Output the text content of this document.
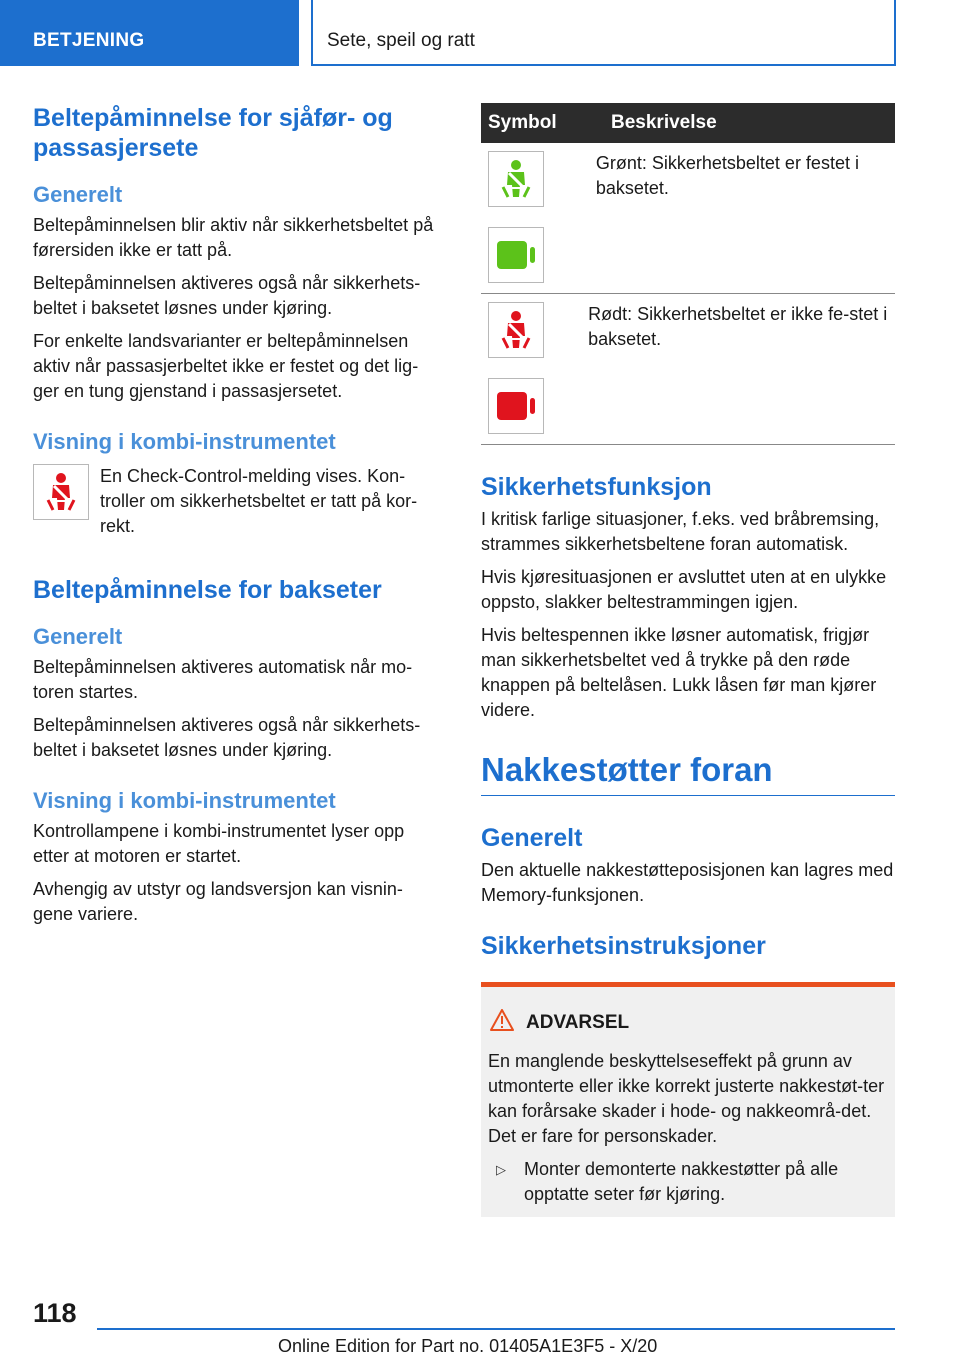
BETJENING	Sete, speil og ratt
Beltepåminnelse for sjåfør- og passasjersete
Generelt

Beltepåminnelsen blir aktiv når sikkerhetsbeltet på førersiden ikke er tatt på.

Beltepåminnelsen aktiveres også når sikkerhets-beltet i baksetet løsnes under kjøring.

For enkelte landsvarianter er beltepåminnelsen aktiv når passasjerbeltet ikke er festet og det lig-ger en tung gjenstand i passasjersetet.

Visning i kombi-instrumentet
En Check-Control-melding vises. Kon-troller om sikkerhetsbeltet er tatt på kor-rekt.
Beltepåminnelse for bakseter
Generelt

Beltepåminnelsen aktiveres automatisk når mo-toren startes.

Beltepåminnelsen aktiveres også når sikkerhets-beltet i baksetet løsnes under kjøring.

Visning i kombi-instrumentet

Kontrollampene i kombi-instrumentet lyser opp etter at motoren er startet.

Avhengig av utstyr og landsversjon kan visnin-gene variere.

Symbol	Beskrivelse
Grønt: Sikkerhetsbeltet er festet i baksetet.
Rødt: Sikkerhetsbeltet er ikke fe-stet i baksetet.
Sikkerhetsfunksjon

I kritisk farlige situasjoner, f.eks. ved bråbremsing, strammes sikkerhetsbeltene foran automatisk.

Hvis kjøresituasjonen er avsluttet uten at en ulykke oppsto, slakker beltestrammingen igjen.

Hvis beltespennen ikke løsner automatisk, frigjør man sikkerhetsbeltet ved å trykke på den røde knappen på beltelåsen. Lukk låsen før man kjører videre.

Nakkestøtter foran
Generelt

Den aktuelle nakkestøtteposisjonen kan lagres med Memory-funksjonen.

Sikkerhetsinstruksjoner
ADVARSEL

En manglende beskyttelseseffekt på grunn av utmonterte eller ikke korrekt justerte nakkestøt-ter kan forårsake skader i hode- og nakkeområ-det. Det er fare for personskader.

▷	Monter demonterte nakkestøtter på alle opptatte seter før kjøring.

118
Online Edition for Part no. 01405A1E3F5 - X/20
